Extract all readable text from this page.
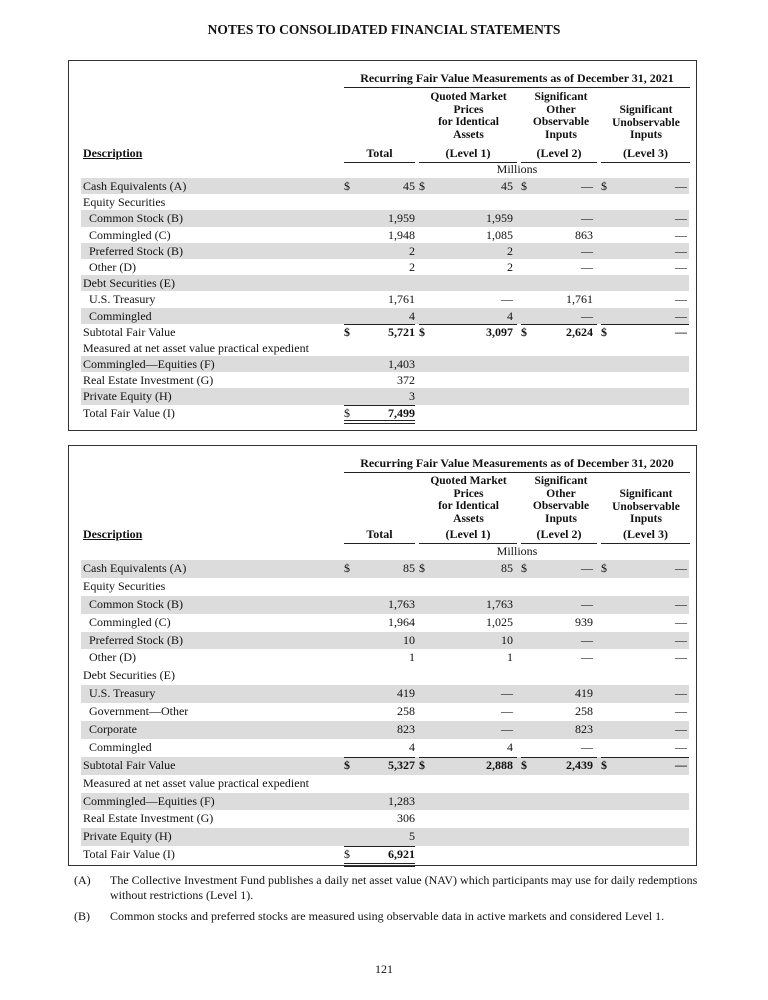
NOTES TO CONSOLIDATED FINANCIAL STATEMENTS
Recurring Fair Value Measurements as of December 31, 2021
Quoted Market
Prices
for Identical
Assets
Significant
Other
Observable
Inputs
Significant
Unobservable
Inputs
Description	Total	(Level 1)	(Level 2)	(Level 3)
Millions
Cash Equivalents (A)	$	45 $	45 $	— $	—
Equity Securities
Common Stock (B)	1,959	1,959	—	—
Commingled (C)	1,948	1,085	863	—
Preferred Stock (B)	2	2	—	—
Other (D)	2	2	—	—
Debt Securities (E)
U.S. Treasury	1,761	—	1,761	—
Commingled	4	4	—	—
Subtotal Fair Value	$	5,721 $	3,097 $	2,624 $	—
Measured at net asset value practical expedient
Commingled—Equities (F)	1,403
Real Estate Investment (G)	372
Private Equity (H)	3
Total Fair Value (I)	$	7,499
Recurring Fair Value Measurements as of December 31, 2020
Quoted Market
Prices
for Identical
Assets
Significant
Other
Observable
Inputs
Significant
Unobservable
Inputs
Description	Total	(Level 1)	(Level 2)	(Level 3)
Millions
Cash Equivalents (A)	$	85 $	85 $	— $	—
Equity Securities
Common Stock (B)	1,763	1,763	—	—
Commingled (C)	1,964	1,025	939	—
Preferred Stock (B)	10	10	—	—
Other (D)	1	1	—	—
Debt Securities (E)
U.S. Treasury	419	—	419	—
Government—Other	258	—	258	—
Corporate	823	—	823	—
Commingled	4	4	—	—
Subtotal Fair Value	$	5,327 $	2,888 $	2,439 $	—
Measured at net asset value practical expedient
Commingled—Equities (F)	1,283
Real Estate Investment (G)	306
Private Equity (H)	5
Total Fair Value (I)	$	6,921
(A) The Collective Investment Fund publishes a daily net asset value (NAV) which participants may use for daily redemptions without restrictions (Level 1).
(B) Common stocks and preferred stocks are measured using observable data in active markets and considered Level 1.
121
